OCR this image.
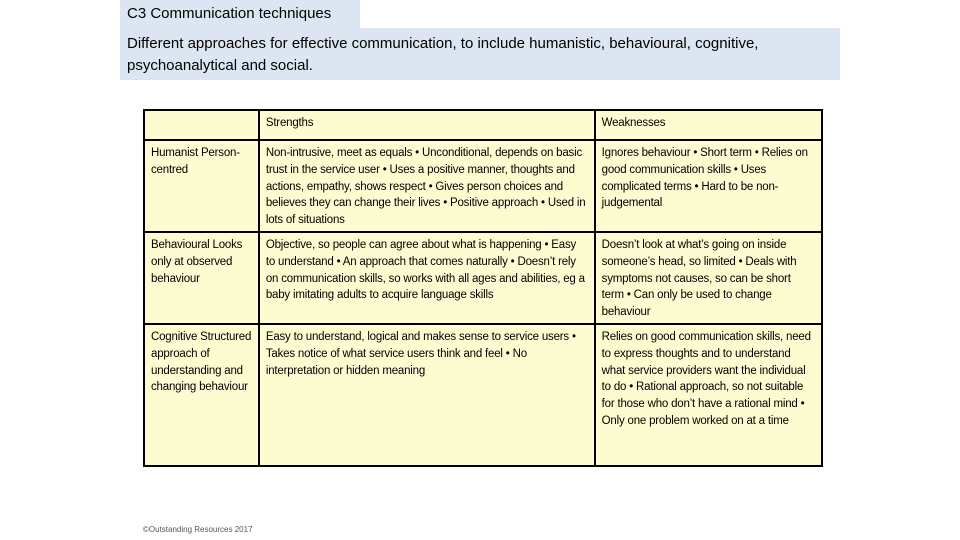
C3 Communication techniques
Different approaches for effective communication, to include humanistic, behavioural, cognitive, psychoanalytical and social.
	Strengths	Weaknesses
Humanist Person-centred	Non-intrusive, meet as equals • Unconditional, depends on basic trust in the service user • Uses a positive manner, thoughts and actions, empathy, shows respect • Gives person choices and believes they can change their lives • Positive approach • Used in lots of situations	Ignores behaviour • Short term • Relies on good communication skills • Uses complicated terms • Hard to be non-judgemental
Behavioural Looks only at observed behaviour	Objective, so people can agree about what is happening • Easy to understand • An approach that comes naturally • Doesn’t rely on communication skills, so works with all ages and abilities, eg a baby imitating adults to acquire language skills	Doesn’t look at what’s going on inside someone’s head, so limited • Deals with symptoms not causes, so can be short term • Can only be used to change behaviour
Cognitive Structured approach of understanding and changing behaviour	Easy to understand, logical and makes sense to service users • Takes notice of what service users think and feel • No interpretation or hidden meaning	Relies on good communication skills, need to express thoughts and to understand what service providers want the individual to do • Rational approach, so not suitable for those who don’t have a rational mind • Only one problem worked on at a time
©Outstanding Resources 2017
